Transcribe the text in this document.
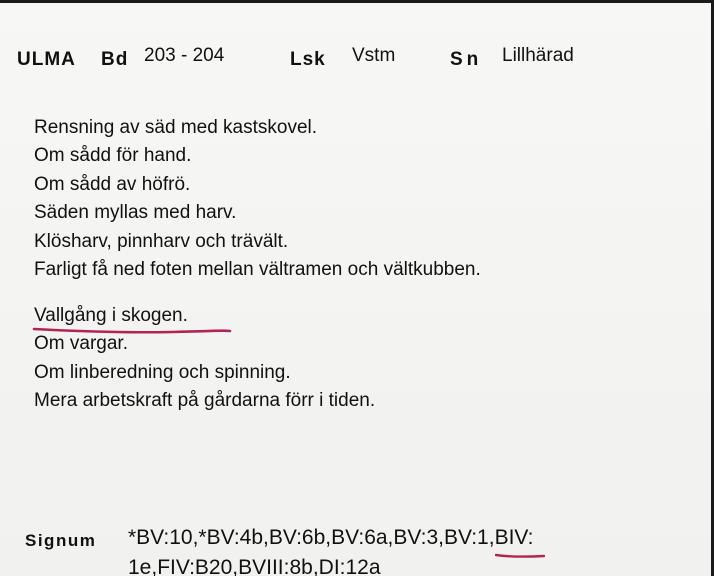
ULMA Bd 203 - 204	Lsk Vstm	Sn Lillhärad
Rensning av säd med kastskovel.
Om sådd för hand.
Om sådd av höfrö.
Säden myllas med harv.
Klösharv, pinnharv och trävält.
Farligt få ned foten mellan vältramen och vältkubben.
Vallgång i skogen
.
Om vargar.
Om linberedning och spinning.
Mera arbetskraft på gårdarna förr i tiden.
Signum *BV:10,*BV:4b,BV:6b,BV:6a,BV:3,BV:1,BIV:
1e,FIV:B20,BVIII:8b,DI:12a
